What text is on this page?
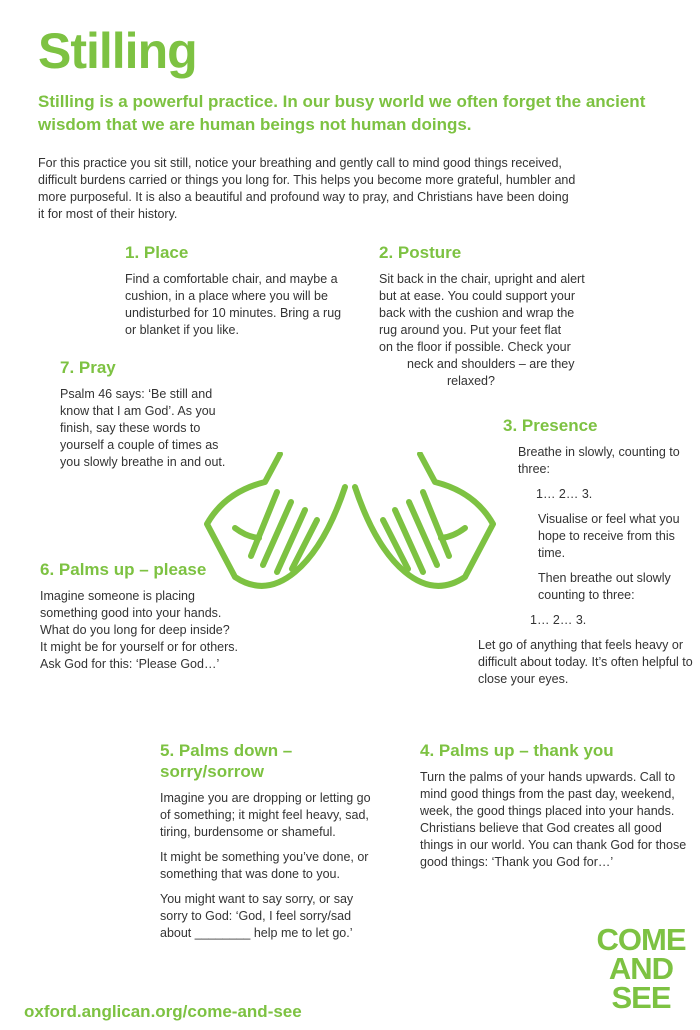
Stilling

Stilling is a powerful practice. In our busy world we often forget the ancient wisdom that we are human beings not human doings.

For this practice you sit still, notice your breathing and gently call to mind good things received, difficult burdens carried or things you long for. This helps you become more grateful, humbler and more purposeful. It is also a beautiful and profound way to pray, and Christians have been doing it for most of their history.

1. Place

Find a comfortable chair, and maybe a cushion, in a place where you will be undisturbed for 10 minutes. Bring a rug or blanket if you like.

2. Posture

Sit back in the chair, upright and alert
but at ease. You could support your
back with the cushion and wrap the
rug around you. Put your feet flat
on the floor if possible. Check your
neck and shoulders – are they
relaxed?

7. Pray

Psalm 46 says: ‘Be still and know that I am God’. As you finish, say these words to yourself a couple of times as you slowly breathe in and out.

3. Presence

Breathe in slowly, counting to three:

1… 2… 3.

Visualise or feel what you hope to receive from this time.

Then breathe out slowly counting to three:

1… 2… 3.

Let go of anything that feels heavy or difficult about today. It’s often helpful to close your eyes.

6. Palms up – please

Imagine someone is placing something good into your hands. What do you long for deep inside? It might be for yourself or for others. Ask God for this: ‘Please God…’

5. Palms down – sorry/sorrow

Imagine you are dropping or letting go of something; it might feel heavy, sad, tiring, burdensome or shameful.

It might be something you’ve done, or something that was done to you.

You might want to say sorry, or say sorry to God: ‘God, I feel sorry/sad about ________ help me to let go.’

4. Palms up – thank you

Turn the palms of your hands upwards. Call to mind good things from the past day, weekend, week, the good things placed into your hands. Christians believe that God creates all good things in our world. You can thank God for those good things: ‘Thank you God for…’

COME
AND
SEE

oxford.anglican.org/come-and-see
